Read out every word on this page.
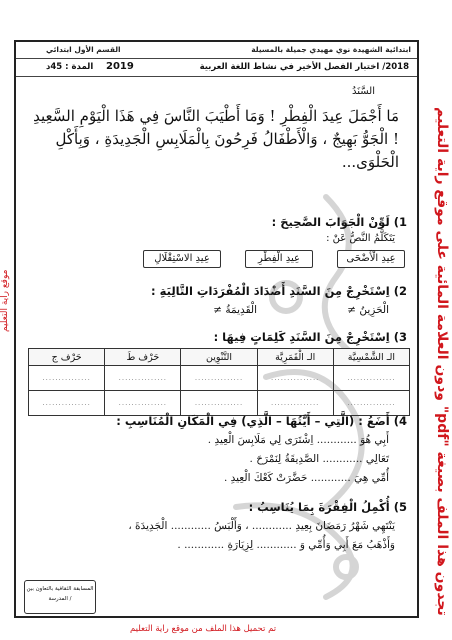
ابتدائية الشهيدة نوي مهيدي جميلة بالمسيلة
القسم الأول ابتدائي
2018/ اختبار الفصل الأخير في نشاط اللغة العربية
2019
المدة : 45د
السَّنَدُ
مَا أَجْمَلَ عِيدَ الْفِطْرِ ! وَمَا أَطْيَبَ النَّاسَ فِي هَذَا الْيَوْمِ السَّعِيدِ ! الْجَوُّ بَهِيجٌ ، وَالْأَطْفَالُ فَرِحُونَ بِالْمَلَابِسِ الْجَدِيدَةِ ، وَبِأَكْلِ الْحَلْوَى...
1) لَوِّنْ الْجَوَابَ الصَّحِيحَ :
يَتَكَلَّمُ النَّصُّ عَنْ :
عِيدِ الْأَضْحَى
عِيدِ الْفِطْرِ
عِيدِ الاسْتِقْلَالِ
2) اِسْتَخْرِجْ مِنَ السَّنَدِ أَضْدَادَ الْمُفْرَدَاتِ التَّالِيَةِ :
الْحَزِينُ ≠
الْقَدِيمَةُ ≠
3) اِسْتَخْرِجْ مِنَ السَّنَدِ كَلِمَاتٍ فِيهَا :
الـ الشَّمْسِيَّة	الـ الْقَمَرِيَّة	التَّنْوِين	حَرْف طَ	حَرْف ج
...............	...............	...............	...............	...............
...............	...............	...............	...............	...............
4) أَضَعُ : (الَّتِي – أَيَّتُهَا – الَّذِي) فِي الْمَكَانِ الْمُنَاسِبِ :
أَبِي هُوَ ............ اِشْتَرَى لِي مَلَابِسَ الْعِيدِ .
تَعَالِي ............ الصَّدِيقَةُ لِنَمْرَحَ .
أُمِّي هِيَ ............ حَضَّرَتْ كَعْكَ الْعِيدِ .
5) أُكْمِلُ الْفِقْرَةَ بِمَا يُنَاسِبُ :
يَنْتَهِي شَهْرُ رَمَضَانَ بِعِيدِ ............ ، وَأَلْبَسُ ............ الْجَدِيدَةَ ،
وَأَذْهَبُ مَعَ أَبِي وَأُمِّي وَ ............ لِزِيَارَةِ ............ .
المسابقة الثقافية بالتعاون بين / المدرسة
تجدون هذا الملف بصيغة "pdf" ودون العلامة المائية على موقع راية التعليم
موقع راية التعليم
تم تحميل هذا الملف من موقع راية التعليم
